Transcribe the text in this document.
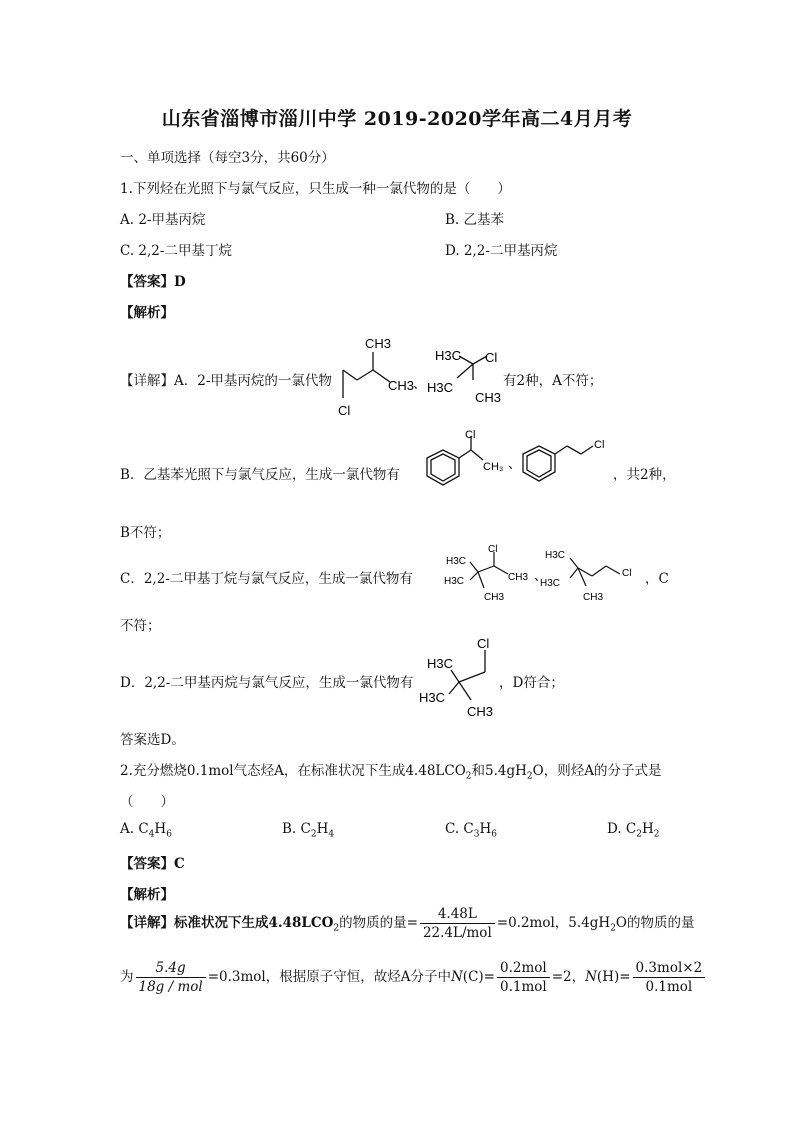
山东省淄博市淄川中学 2019-2020学年高二4月月考
一、单项选择（每空3分，共60分）
1.下列烃在光照下与氯气反应，只生成一种一氯代物的是（　　）
A. 2-甲基丙烷	B. 乙基苯
C. 2,2-二甲基丁烷	D. 2,2-二甲基丙烷
【答案】D
【解析】
【详解】A．2-甲基丙烷的一氯代物
CH3
CH3
Cl
、
H3C Cl
H3C
CH3
有2种，A不符；
B．乙基苯光照下与氯气反应，生成一氯代物有
Cl
CH₃ 、
Cl
，共2种，
B不符；
C．2,2-二甲基丁烷与氯气反应，生成一氯代物有
H3C
Cl
H3C	CH3
CH3
、
H3C
H3C
CH3
Cl ，C
不符；
D．2,2-二甲基丙烷与氯气反应，生成一氯代物有
Cl
H3C
H3C
CH3
，D符合；
答案选D。
2.充分燃烧0.1mol气态烃A，在标准状况下生成$4.48LCO_2$和$5.4gH_2O$，则烃A的分子式是
（　　）
A. $C_4H_6$	B. $C_2H_4$	C. $C_3H_6$	D. $C_2H_2$
【答案】C
【解析】
【详解】标准状况下生成$4.48LCO_2$的物质的量= $\frac{4.48L}{\text{22.4L/mol}} =0.2mol$，$5.4gH_2O$的物质的量
为 $\frac{5.4g}{\text{18g / mol}} =0.3mol$，根据原子守恒，故烃A分子中$N(C)= \frac{\text{0.2mol}}{\text{0.1mol}} =2$，$N(H)= \frac{\text{0.3mol×2}}{\text{0.1mol}}$
